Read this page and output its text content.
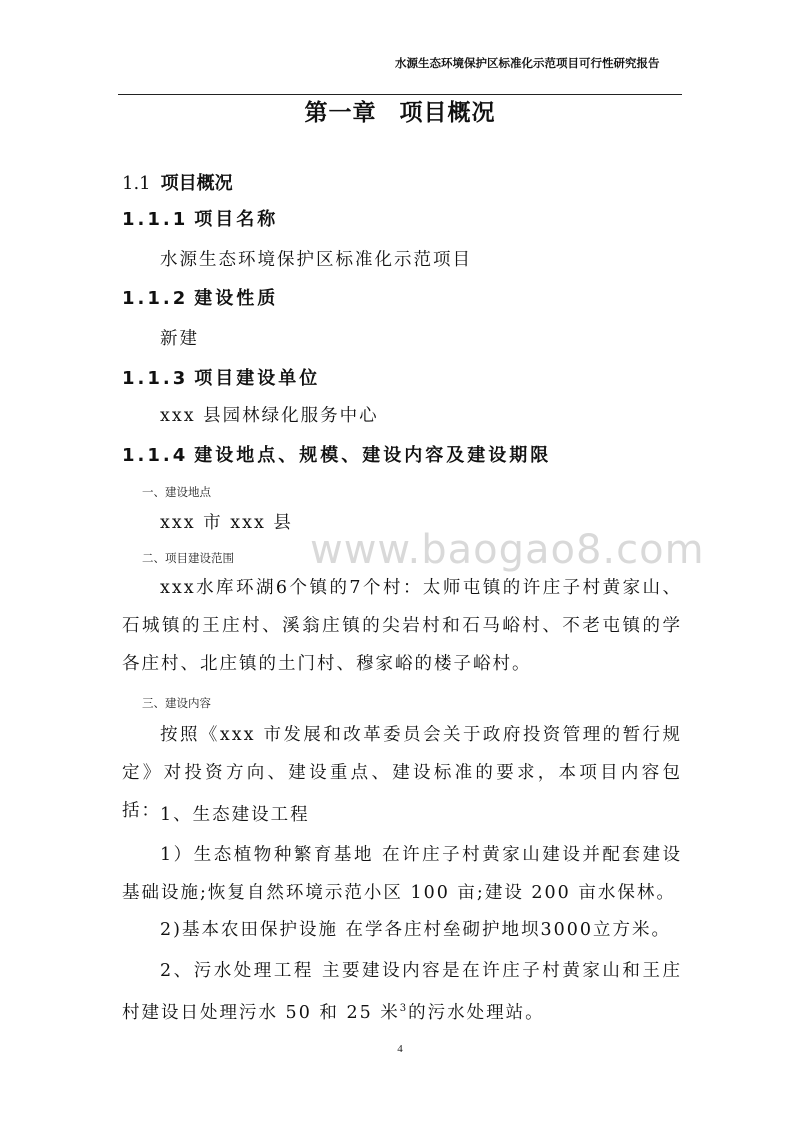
水源生态环境保护区标准化示范项目可行性研究报告
第一章 项目概况
1.1 项目概况
1.1.1 项目名称
水源生态环境保护区标准化示范项目
1.1.2 建设性质
新建
1.1.3 项目建设单位
xxx 县园林绿化服务中心
1.1.4 建设地点、规模、建设内容及建设期限
一、建设地点
xxx 市 xxx 县
二、项目建设范围 www.baogao8.com
xxx水库环湖6个镇的7个村：太师屯镇的许庄子村黄家山、石城镇的王庄村、溪翁庄镇的尖岩村和石马峪村、不老屯镇的学各庄村、北庄镇的土门村、穆家峪的楼子峪村。
三、建设内容
按照《xxx 市发展和改革委员会关于政府投资管理的暂行规定》对投资方向、建设重点、建设标准的要求，本项目内容包括： 1、生态建设工程
1）生态植物种繁育基地 在许庄子村黄家山建设并配套建设基础设施;恢复自然环境示范小区 100 亩;建设 200 亩水保林。
2)基本农田保护设施 在学各庄村垒砌护地坝3000立方米。
2、污水处理工程 主要建设内容是在许庄子村黄家山和王庄村建设日处理污水 50 和 25 米$^3$的污水处理站。
4
